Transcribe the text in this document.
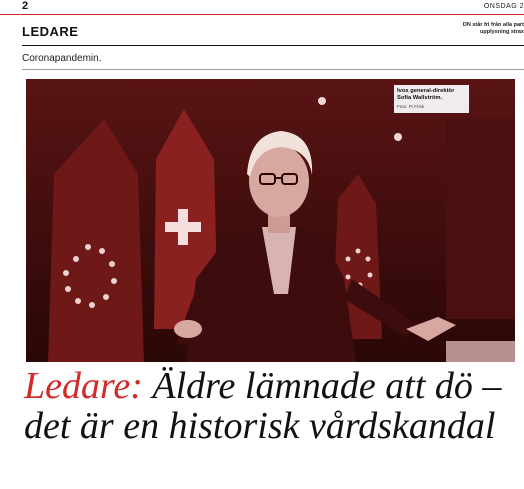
2	ONSDAG 2
LEDARE	DN står fri från alla part upplysning strax
Coronapandemin.
Ivos general-direktör Sofia Wallström.
Foto: Pi Frisk
Ledare: Äldre lämnade att dö –
det är en historisk vårdskandal
